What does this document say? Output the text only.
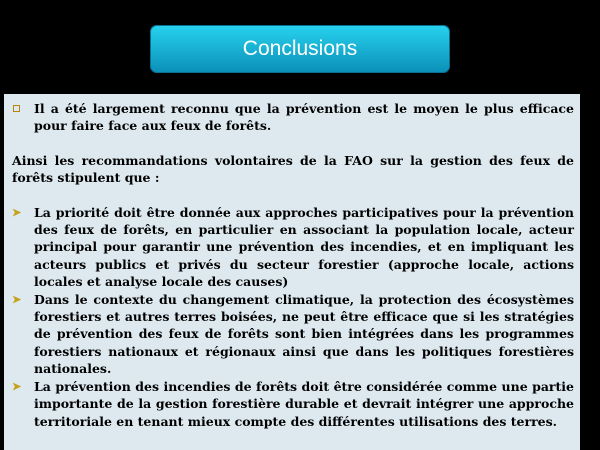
Conclusions
Il a été largement reconnu que la prévention est le moyen le plus efficace pour faire face aux feux de forêts.

Ainsi les recommandations volontaires de la FAO sur la gestion des feux de forêts stipulent que :

➤	La priorité doit être donnée aux approches participatives pour la prévention des feux de forêts, en particulier en associant la population locale, acteur principal pour garantir une prévention des incendies, et en impliquant les acteurs publics et privés du secteur forestier (approche locale, actions locales et analyse locale des causes)
➤	Dans le contexte du changement climatique, la protection des écosystèmes forestiers et autres terres boisées, ne peut être efficace que si les stratégies de prévention des feux de forêts sont bien intégrées dans les programmes forestiers nationaux et régionaux ainsi que dans les politiques forestières nationales.
➤	La prévention des incendies de forêts doit être considérée comme une partie importante de la gestion forestière durable et devrait intégrer une approche territoriale en tenant mieux compte des différentes utilisations des terres.
